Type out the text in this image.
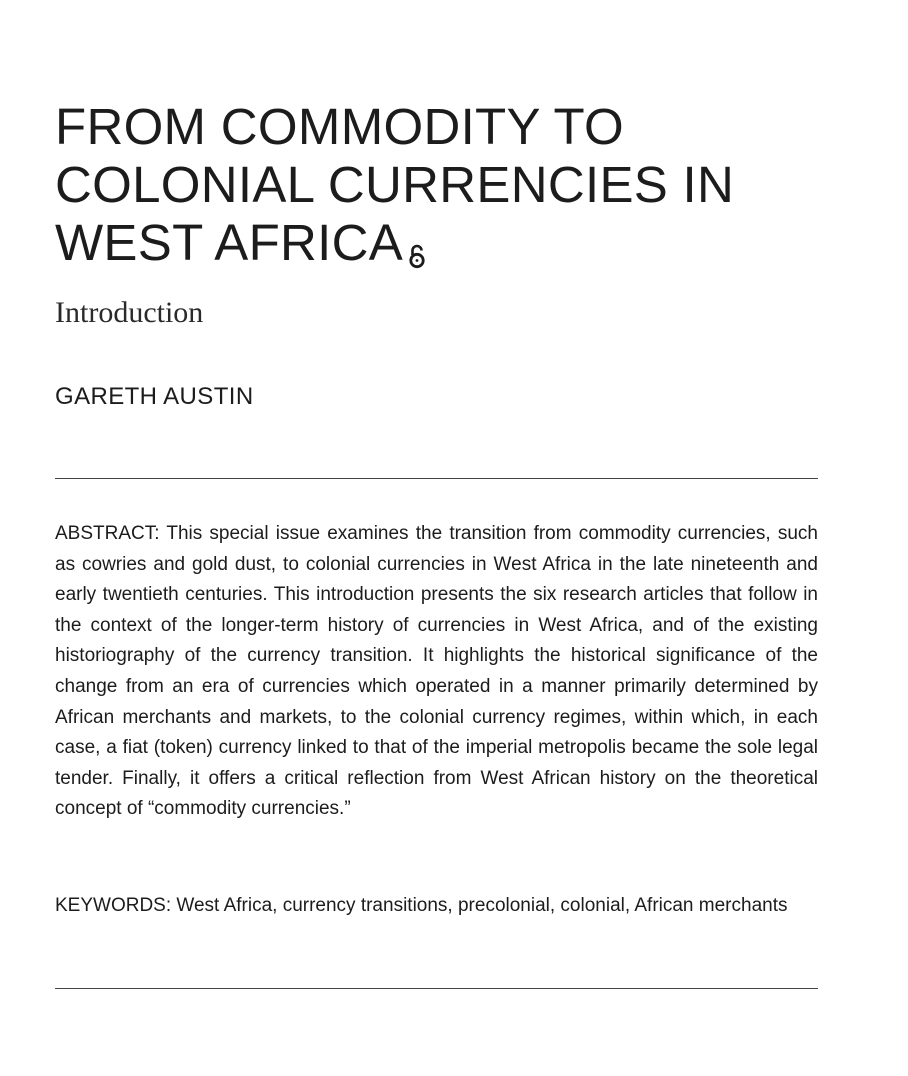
FROM COMMODITY TO COLONIAL CURRENCIES IN WEST AFRICA
Introduction
GARETH AUSTIN

ABSTRACT: This special issue examines the transition from commodity currencies, such as cowries and gold dust, to colonial currencies in West Africa in the late nineteenth and early twentieth centuries. This introduction presents the six research articles that follow in the context of the longer-term history of currencies in West Africa, and of the existing historiography of the currency transition. It highlights the historical significance of the change from an era of currencies which operated in a manner primarily determined by African merchants and markets, to the colonial currency regimes, within which, in each case, a fiat (token) currency linked to that of the imperial metropolis became the sole legal tender. Finally, it offers a critical reflection from West African history on the theoretical concept of “commodity currencies.”

KEYWORDS: West Africa, currency transitions, precolonial, colonial, African merchants
